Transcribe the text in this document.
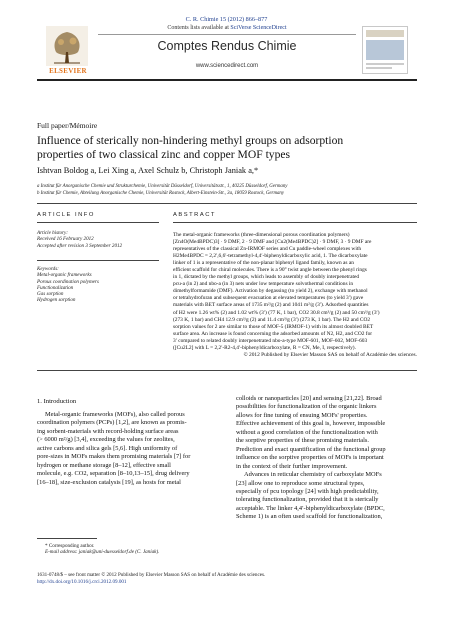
C. R. Chimie 15 (2012) 866–877
ELSEVIER
Contents lists available at SciVerse ScienceDirect
Comptes Rendus Chimie
www.sciencedirect.com
Full paper/Mémoire
Influence of sterically non-hindering methyl groups on adsorption
properties of two classical zinc and copper MOF types
Ishtvan Boldog a, Lei Xing a, Axel Schulz b, Christoph Janiak a,*
a Institut für Anorganische Chemie und Strukturchemie, Universität Düsseldorf, Universitätsstr., 1, 40225 Düsseldorf, Germany
b Institut für Chemie, Abteilung Anorganische Chemie, Universität Rostock, Albert-Einstein-Str., 3a, 18059 Rostock, Germany
ARTICLE INFO
Article history:
Received 16 February 2012
Accepted after revision 3 September 2012
Keywords:
Metal-organic frameworks
Porous coordination polymers
Functionalization
Gas sorption
Hydrogen sorption
ABSTRACT
The metal-organic frameworks (three-dimensional porous coordination polymers)
[Zn4O(Me4BPDC)3] · 9 DMF, 2 · 9 DMF and [Cu2(Me4BPDC)2] · 9 DMF, 3 · 9 DMF are
representatives of the classical Zn-IRMOF series and Cu paddle-wheel complexes with
H2Me4BPDC = 2,2′,6,6′-tetramethyl-4,4′-biphenyldicarboxylic acid, 1. The dicarboxylate
linker of 1 is a representative of the non-planar biphenyl ligand family, known as an
efficient scaffold for chiral molecules. There is a 90° twist angle between the phenyl rings
in 1, dictated by the methyl groups, which leads to assembly of doubly interpenetrated
pcu-a (in 2) and nbo-a (in 3) nets under low temperature solvothermal conditions in
dimethylformamide (DMF). Activation by degassing (to yield 2), exchange with methanol
or tetrahydrofuran and subsequent evacuation at elevated temperatures (to yield 3′) gave
materials with BET surface areas of 1735 m²/g (2) and 1041 m²/g (3′). Adsorbed quantities
of H2 were 1.26 wt% (2) and 1.02 wt% (3′) (77 K, 1 bar), CO2 30.8 cm³/g (2) and 50 cm³/g (3′)
(273 K, 1 bar) and CH4 12.9 cm³/g (2) and 11.4 cm³/g (3′) (273 K, 1 bar). The H2 and CO2
sorption values for 2 are similar to those of MOF-5 (IRMOF-1) with its almost doubled BET
surface area. An increase is found concerning the adsorbed amounts of N2, H2, and CO2 for
3′ compared to related doubly interpenetrated nbo-a-type MOF-601, MOF-602, MOF-603
([Cu2L2] with L = 2,2′-R2-4,4′-biphenyldicarboxylate, R = CN, Me, I, respectively).
© 2012 Published by Elsevier Masson SAS on behalf of Académie des sciences.
1. Introduction
Metal-organic frameworks (MOFs), also called porous
coordination polymers (PCPs) [1,2], are known as promis-
ing sorbent-materials with record-holding surface areas
(> 6000 m²/g) [3,4], exceeding the values for zeolites,
active carbons and silica gels [5,6]. High uniformity of
pore-sizes in MOFs makes them promising materials [7] for
hydrogen or methane storage [8–12], effective small
molecule, e.g. CO2, separation [8–10,13–15], drug delivery
[16–18], size-exclusion catalysis [19], as hosts for metal
colloids or nanoparticles [20] and sensing [21,22]. Broad
possibilities for functionalization of the organic linkers
allows for fine tuning of ensuing MOFs' properties.
Effective achievement of this goal is, however, impossible
without a good correlation of the functionalization with
the sorptive properties of these promising materials.
Prediction and exact quantification of the functional group
influence on the sorptive properties of MOFs is important
in the context of their further improvement.
Advances in reticular chemistry of carboxylate MOFs
[23] allow one to reproduce some structural types,
especially of pcu topology [24] with high predictability,
tolerating functionalization, provided that it is sterically
acceptable. The linker 4,4′-biphenyldicarboxylate (BPDC,
Scheme 1) is an often used scaffold for functionalization,
* Corresponding author.
E-mail address: janiak@uni-duesseldorf.de (C. Janiak).
1631-0748/$ – see front matter © 2012 Published by Elsevier Masson SAS on behalf of Académie des sciences.
http://dx.doi.org/10.1016/j.crci.2012.09.001
